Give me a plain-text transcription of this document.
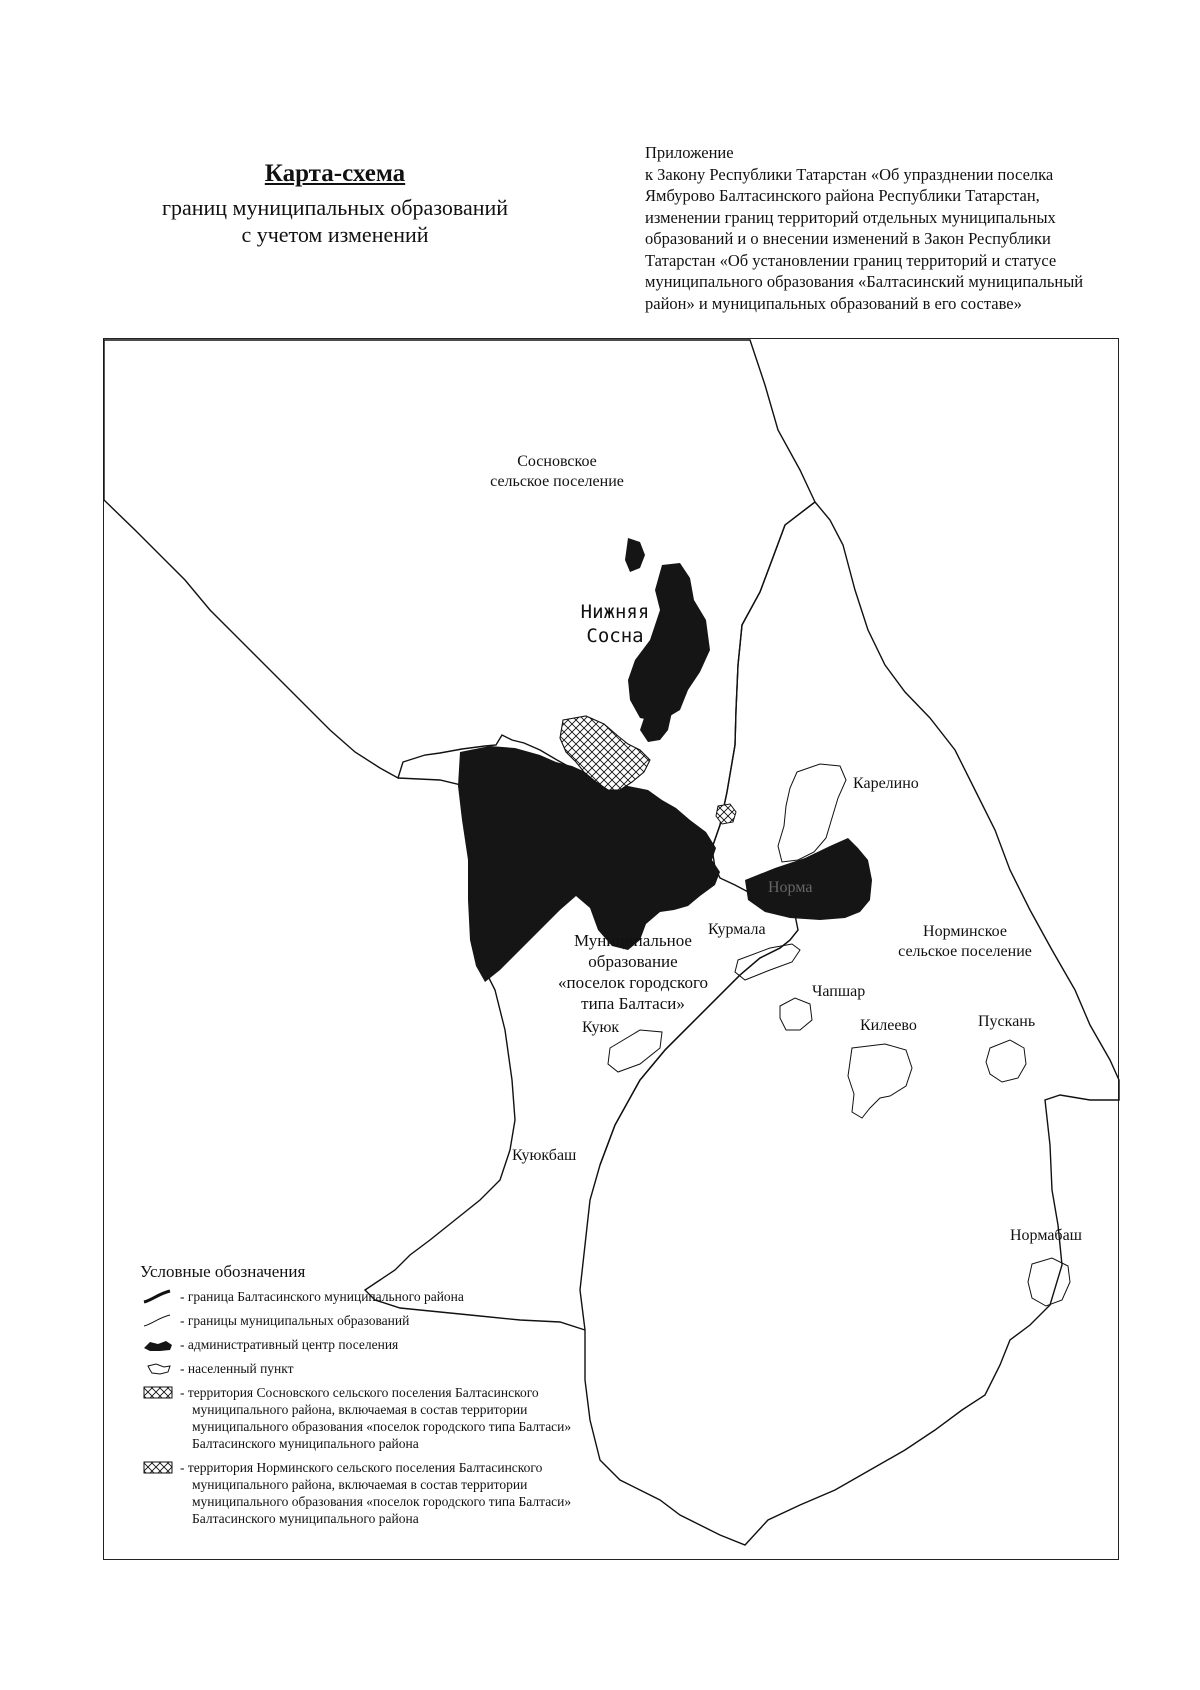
Карта-схема
границ муниципальных образований
с учетом изменений
Приложение
к Закону Республики Татарстан «Об упразднении поселка
Ямбурово Балтасинского района Республики Татарстан,
изменении границ территорий отдельных муниципальных
образований и о внесении изменений в Закон Республики
Татарстан «Об установлении границ территорий и статусе
муниципального образования «Балтасинский муниципальный
район» и муниципальных образований в его составе»
Сосновское
сельское поселение
Нижняя
Сосна
Карелино
Норма
Курмала	Норминское
сельское поселение
Муниципальное
образование
«поселок городского
типа Балтаси»
Чапшар
Килеево	Пускань
Куюк
Куюкбаш
Нормабаш
Условные обозначения
- граница Балтасинского муниципального района
- границы муниципальных образований
- административный центр поселения
- населенный пункт
- территория Сосновского сельского поселения Балтасинского
муниципального района, включаемая в состав территории
муниципального образования «поселок городского типа Балтаси»
Балтасинского муниципального района
- территория Норминского сельского поселения Балтасинского
муниципального района, включаемая в состав территории
муниципального образования «поселок городского типа Балтаси»
Балтасинского муниципального района
